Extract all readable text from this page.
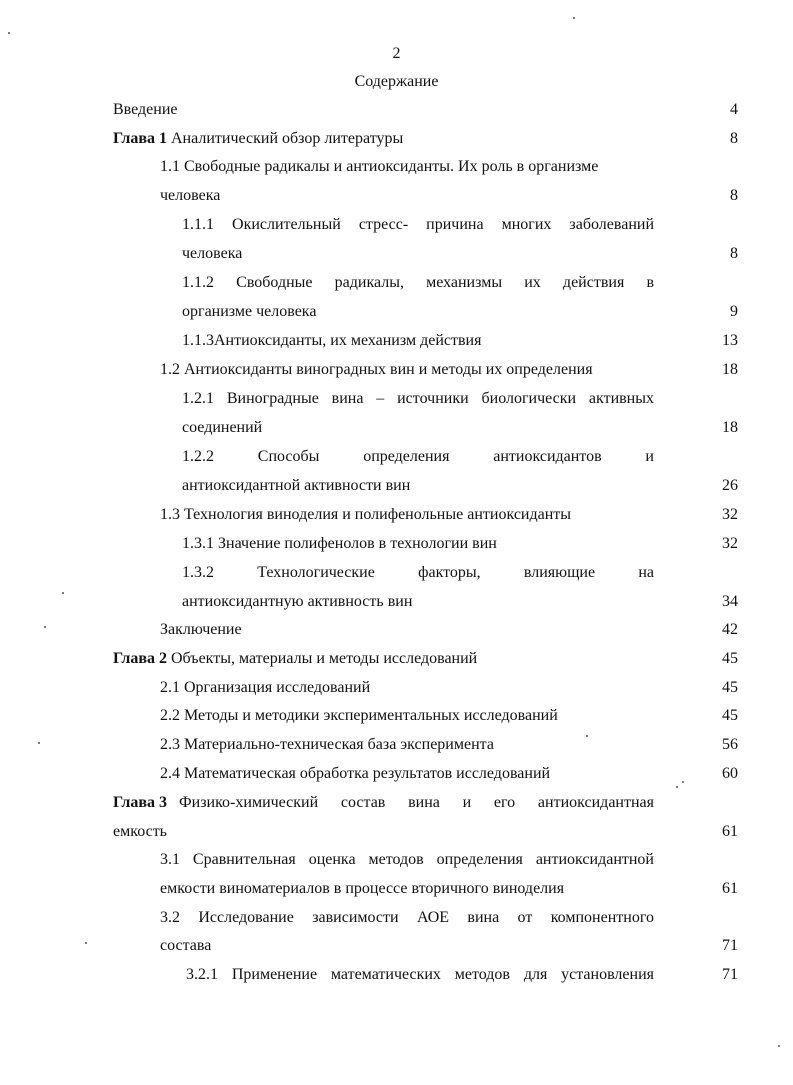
2
Содержание
Введение	4
Глава 1 Аналитический обзор литературы	8
1.1 Свободные радикалы и антиоксиданты. Их роль в организме
человека	8
1.1.1 Окислительный стресс- причина многих заболеваний
человека	8
1.1.2 Свободные радикалы, механизмы их действия в
организме человека	9
1.1.3Антиоксиданты, их механизм действия	13
1.2 Антиоксиданты виноградных вин и методы их определения	18
1.2.1 Виноградные вина – источники биологически активных
соединений	18
1.2.2 Способы определения антиоксидантов и
антиоксидантной активности вин	26
1.3 Технология виноделия и полифенольные антиоксиданты	32
1.3.1 Значение полифенолов в технологии вин	32
1.3.2 Технологические факторы, влияющие на
антиоксидантную активность вин	34
Заключение	42
Глава 2 Объекты, материалы и методы исследований	45
2.1 Организация исследований	45
2.2 Методы и методики экспериментальных исследований	45
2.3 Материально-техническая база эксперимента	56
2.4 Математическая обработка результатов исследований	60
Глава 3 Физико-химический состав вина и его антиоксидантная
емкость	61
3.1 Сравнительная оценка методов определения антиоксидантной
емкости виноматериалов в процессе вторичного виноделия	61
3.2 Исследование зависимости АОЕ вина от компонентного
состава	71
3.2.1 Применение математических методов для установления	71
